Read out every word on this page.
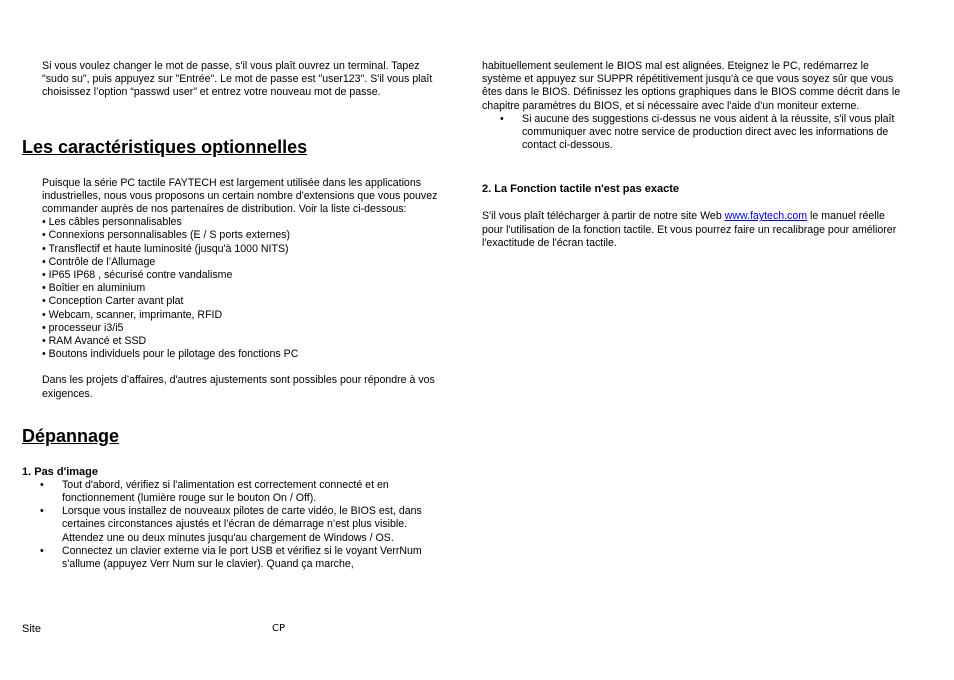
Si vous voulez changer le mot de passe, s'il vous plaît ouvrez un terminal. Tapez "sudo su", puis appuyez sur "Entrée". Le mot de passe est "user123". S'il vous plaît choisissez l’option “passwd user” et entrez votre nouveau mot de passe.

Les caractéristiques optionnelles

Puisque la série PC tactile FAYTECH est largement utilisée dans les applications industrielles, nous vous proposons un certain nombre d'extensions que vous pouvez commander auprès de nos partenaires de distribution. Voir la liste ci-dessous:

• Les câbles personnalisables
• Connexions personnalisables (E / S ports externes)
• Transflectif et haute luminosité (jusqu'à 1000 NITS)
• Contrôle de l’Allumage
• IP65 IP68 , sécurisé contre vandalisme
• Boîtier en aluminium
• Conception Carter avant plat
• Webcam, scanner, imprimante, RFID
• processeur i3/i5
• RAM Avancé et SSD
• Boutons individuels pour le pilotage des fonctions PC

Dans les projets d’affaires, d'autres ajustements sont possibles pour répondre à vos exigences.

Dépannage
1. Pas d'image
• Tout d'abord, vérifiez si l'alimentation est correctement connecté et en fonctionnement (lumière rouge sur le bouton On / Off).
• Lorsque vous installez de nouveaux pilotes de carte vidéo, le BIOS est, dans certaines circonstances ajustés et l’écran de démarrage n’est plus visible. Attendez une ou deux minutes jusqu'au chargement de Windows / OS.
• Connectez un clavier externe via le port USB et vérifiez si le voyant VerrNum s'allume (appuyez Verr Num sur le clavier). Quand ça marche,

habituellement seulement le BIOS mal est alignées. Eteignez le PC, redémarrez le système et appuyez sur SUPPR répétitivement jusqu'à ce que vous soyez sûr que vous êtes dans le BIOS. Définissez les options graphiques dans le BIOS comme décrit dans le chapitre paramètres du BIOS, et si nécessaire avec l'aide d'un moniteur externe.

• Si aucune des suggestions ci-dessus ne vous aident à la réussite, s'il vous plaît communiquer avec notre service de production direct avec les informations de contact ci-dessous.
2. La Fonction tactile n'est pas exacte

S'il vous plaît télécharger à partir de notre site Web www.faytech.com le manuel réelle pour l'utilisation de la fonction tactile. Et vous pourrez faire un recalibrage pour améliorer l'exactitude de l'écran tactile.

Site	CP
